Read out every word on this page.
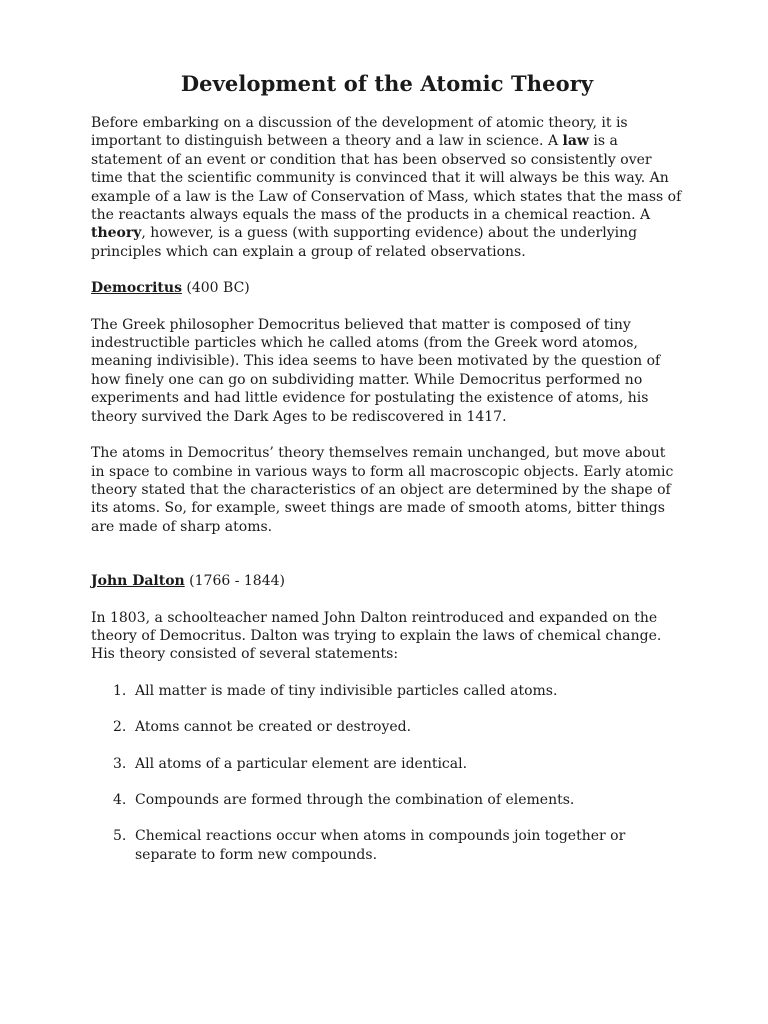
Development of the Atomic Theory

Before embarking on a discussion of the development of atomic theory, it is important to distinguish between a theory and a law in science. A law is a statement of an event or condition that has been observed so consistently over time that the scientific community is convinced that it will always be this way. An example of a law is the Law of Conservation of Mass, which states that the mass of the reactants always equals the mass of the products in a chemical reaction. A theory, however, is a guess (with supporting evidence) about the underlying principles which can explain a group of related observations.

Democritus (400 BC)

The Greek philosopher Democritus believed that matter is composed of tiny indestructible particles which he called atoms (from the Greek word atomos, meaning indivisible). This idea seems to have been motivated by the question of how finely one can go on subdividing matter. While Democritus performed no experiments and had little evidence for postulating the existence of atoms, his theory survived the Dark Ages to be rediscovered in 1417.

The atoms in Democritus’ theory themselves remain unchanged, but move about in space to combine in various ways to form all macroscopic objects. Early atomic theory stated that the characteristics of an object are determined by the shape of its atoms. So, for example, sweet things are made of smooth atoms, bitter things are made of sharp atoms.

John Dalton (1766 - 1844)

In 1803, a schoolteacher named John Dalton reintroduced and expanded on the theory of Democritus. Dalton was trying to explain the laws of chemical change. His theory consisted of several statements:

1. All matter is made of tiny indivisible particles called atoms.
2. Atoms cannot be created or destroyed.
3. All atoms of a particular element are identical.
4. Compounds are formed through the combination of elements.
5. Chemical reactions occur when atoms in compounds join together or separate to form new compounds.
